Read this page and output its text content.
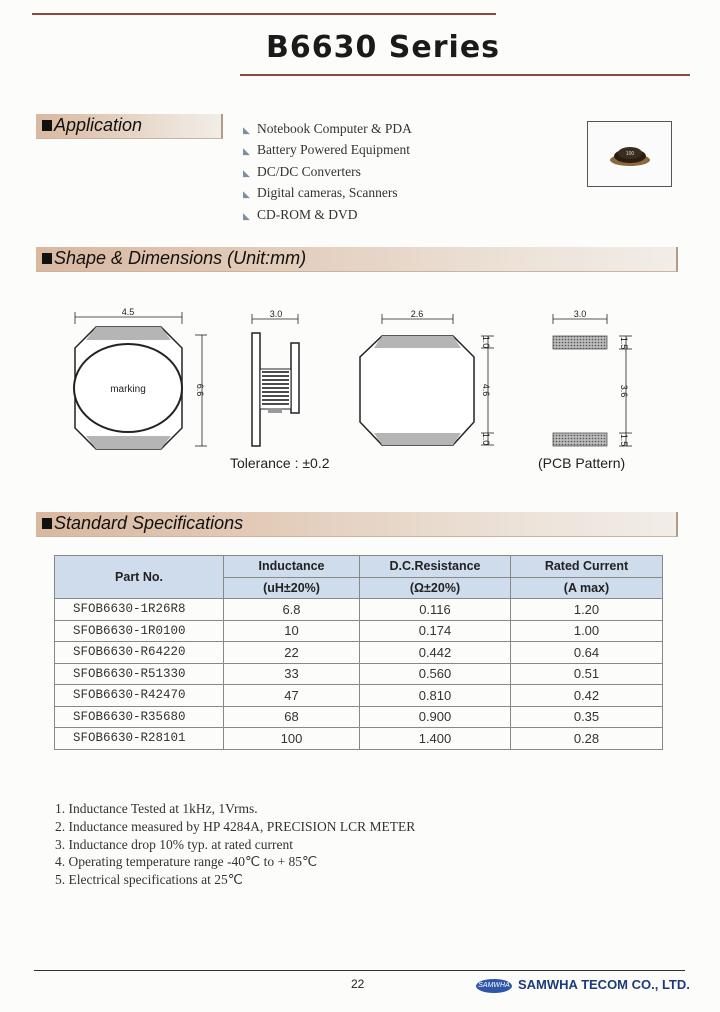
B6630 Series
Application	◣ Notebook Computer & PDA
◣ Battery Powered Equipment
◣ DC/DC Converters
◣ Digital cameras, Scanners
◣ CD-ROM & DVD
100
Shape & Dimensions (Unit:mm)
4.5
marking	6.6
3.0	2.6
1.0
4.6
1.0
3.0
1.5
3.6
1.5
Tolerance : ±0.2	(PCB Pattern)
Standard Specifications
Part No.	Inductance	D.C.Resistance	Rated Current
	(uH±20%)	(Ω±20%)	(A max)
SFOB6630-1R26R8	6.8	0.116	1.20
SFOB6630-1R0100	10	0.174	1.00
SFOB6630-R64220	22	0.442	0.64
SFOB6630-R51330	33	0.560	0.51
SFOB6630-R42470	47	0.810	0.42
SFOB6630-R35680	68	0.900	0.35
SFOB6630-R28101	100	1.400	0.28
1. Inductance Tested at 1kHz, 1Vrms.
2. Inductance measured by HP 4284A, PRECISION LCR METER
3. Inductance drop 10% typ. at rated current
4. Operating temperature range -40℃ to + 85℃
5. Electrical specifications at 25℃
22	SAMWHA SAMWHA TECOM CO., LTD.
